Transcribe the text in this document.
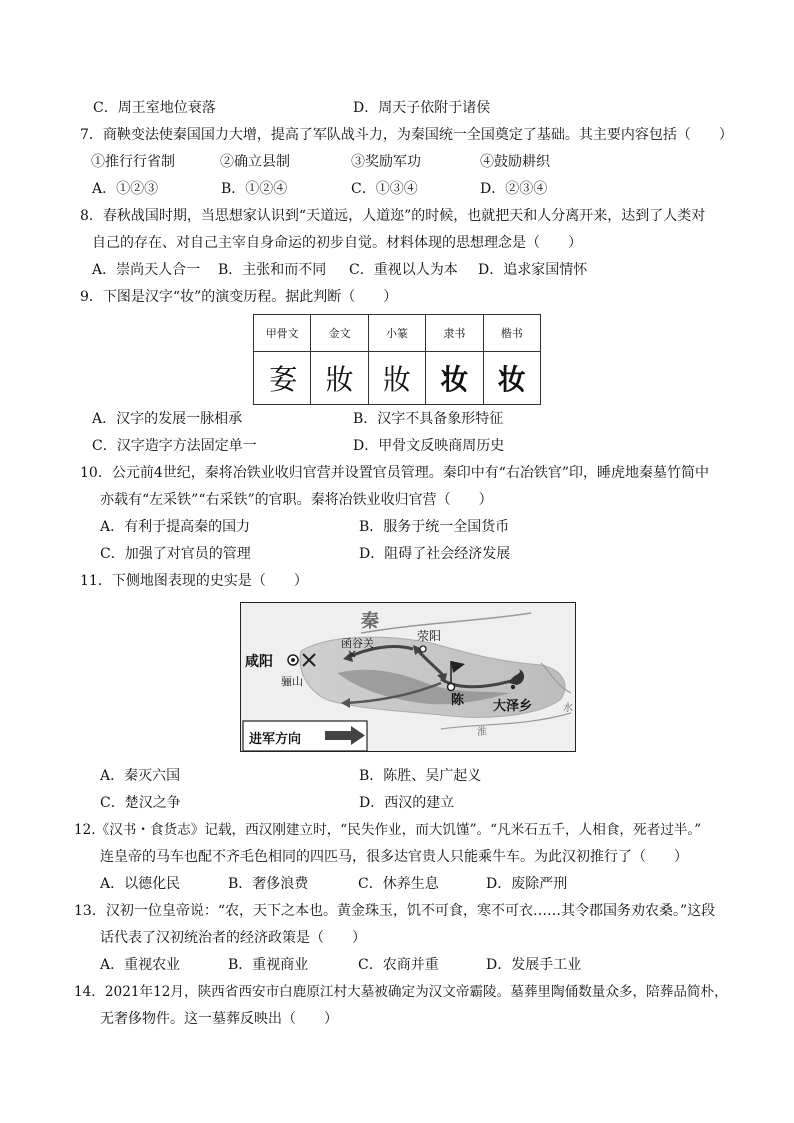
C．周王室地位衰落	D．周天子依附于诸侯
7．商鞅变法使秦国国力大增，提高了军队战斗力，为秦国统一全国奠定了基础。其主要内容包括（　　）
①推行行省制	②确立县制	③奖励军功	④鼓励耕织
A．①②③	B．①②④	C．①③④	D．②③④
8．春秋战国时期，当思想家认识到“天道远，人道迩”的时候，也就把天和人分离开来，达到了人类对
自己的存在、对自己主宰自身命运的初步自觉。材料体现的思想理念是（　　）
A．崇尚天人合一 B．主张和而不同 C．重视以人为本 D．追求家国情怀
9．下图是汉字“妆”的演变历程。据此判断（　　）
甲骨文	金文	小篆	隶书	楷书
㚣	妝	妝	妆	妆
A．汉字的发展一脉相承	B．汉字不具备象形特征
C．汉字造字方法固定单一	D．甲骨文反映商周历史
10．公元前4世纪，秦将冶铁业收归官营并设置官员管理。秦印中有“右冶铁官”印，睡虎地秦墓竹简中
亦载有“左采铁”“右采铁”的官职。秦将冶铁业收归官营（　　）
A．有利于提高秦的国力	B．服务于统一全国货币
C．加强了对官员的管理	D．阻碍了社会经济发展
11．下侧地图表现的史实是（　　）
秦
咸阳
函谷关
荥阳
骊山
陈 大泽乡
淮
水
进军方向
A．秦灭六国	B．陈胜、吴广起义
C．楚汉之争	D．西汉的建立
12.《汉书・食货志》记载，西汉刚建立时，“民失作业，而大饥馑”。“凡米石五千，人相食，死者过半。”
连皇帝的马车也配不齐毛色相同的四匹马，很多达官贵人只能乘牛车。为此汉初推行了（　　）
A．以德化民	B．奢侈浪费	C．休养生息	D．废除严刑
13．汉初一位皇帝说：“农，天下之本也。黄金珠玉，饥不可食，寒不可衣……其令郡国务劝农桑。”这段
话代表了汉初统治者的经济政策是（　　）
A．重视农业	B．重视商业	C．农商并重	D．发展手工业
14．2021年12月，陕西省西安市白鹿原江村大墓被确定为汉文帝霸陵。墓葬里陶俑数量众多，陪葬品简朴，
无奢侈物件。这一墓葬反映出（　　）
